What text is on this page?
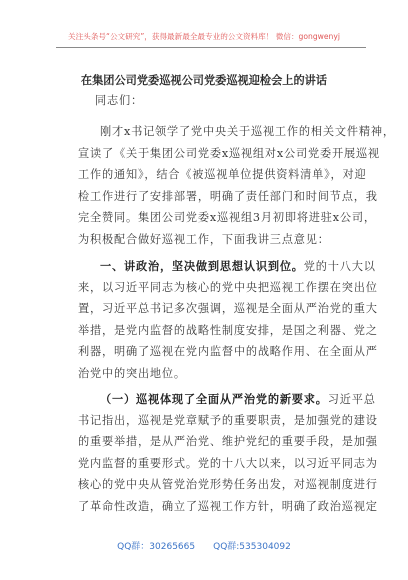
关注头条号“公文研究”，获得最新最全最专业的公文资料库！ 微信：gongwenyj
在集团公司党委巡视公司党委巡视迎检会上的讲话
同志们：
刚才x书记领学了党中央关于巡视工作的相关文件精神，
宣读了《关于集团公司党委x巡视组对x公司党委开展巡视
工作的通知》，结合《被巡视单位提供资料清单》，对迎
检工作进行了安排部署，明确了责任部门和时间节点，我
完全赞同。集团公司党委x巡视组3月初即将进驻x公司，
为积极配合做好巡视工作，下面我讲三点意见：
一、讲政治，坚决做到思想认识到位。党的十八大以
来，以习近平同志为核心的党中央把巡视工作摆在突出位
置，习近平总书记多次强调，巡视是全面从严治党的重大
举措，是党内监督的战略性制度安排，是国之利器、党之
利器，明确了巡视在党内监督中的战略作用、在全面从严
治党中的突出地位。
（一）巡视体现了全面从严治党的新要求。习近平总
书记指出，巡视是党章赋予的重要职责，是加强党的建设
的重要举措，是从严治党、维护党纪的重要手段，是加强
党内监督的重要形式。党的十八大以来，以习近平同志为
核心的党中央从管党治党形势任务出发，对巡视制度进行
了革命性改造，确立了巡视工作方针，明确了政治巡视定
QQ群：30265665 QQ群:535304092
